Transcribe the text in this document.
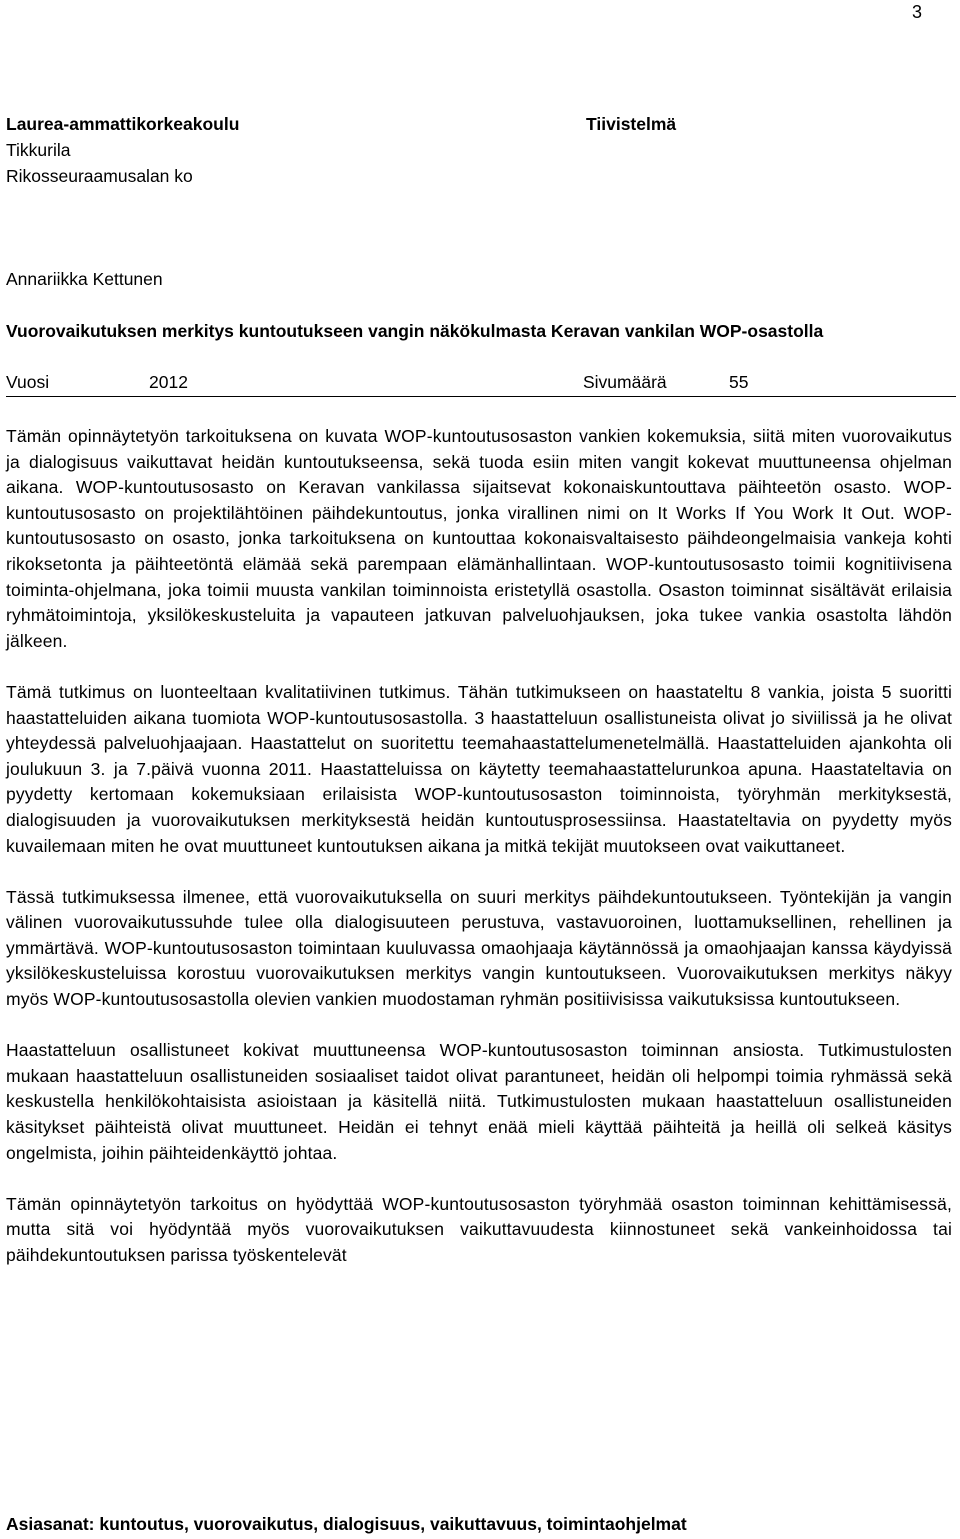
3
Laurea-ammattikorkeakoulu
Tikkurila
Rikosseuraamusalan ko
Tiivistelmä
Annariikka Kettunen
Vuorovaikutuksen merkitys kuntoutukseen vangin näkökulmasta Keravan vankilan WOP-osastolla
Vuosi	2012	Sivumäärä	55

Tämän opinnäytetyön tarkoituksena on kuvata WOP-kuntoutusosaston vankien kokemuksia, siitä miten vuorovaikutus ja dialogisuus vaikuttavat heidän kuntoutukseensa, sekä tuoda esiin miten vangit kokevat muuttuneensa ohjelman aikana. WOP-kuntoutusosasto on Keravan vankilassa sijaitsevat kokonaiskuntouttava päihteetön osasto. WOP-kuntoutusosasto on projektilähtöinen päihdekuntoutus, jonka virallinen nimi on It Works If You Work It Out. WOP-kuntoutusosasto on osasto, jonka tarkoituksena on kuntouttaa kokonaisvaltaisesto päihdeongelmaisia vankeja kohti rikoksetonta ja päihteetöntä elämää sekä parempaan elämänhallintaan. WOP-kuntoutusosasto toimii kognitiivisena toiminta-ohjelmana, joka toimii muusta vankilan toiminnoista eristetyllä osastolla. Osaston toiminnat sisältävät erilaisia ryhmätoimintoja, yksilökeskusteluita ja vapauteen jatkuvan palveluohjauksen, joka tukee vankia osastolta lähdön jälkeen.

Tämä tutkimus on luonteeltaan kvalitatiivinen tutkimus. Tähän tutkimukseen on haastateltu 8 vankia, joista 5 suoritti haastatteluiden aikana tuomiota WOP-kuntoutusosastolla. 3 haastatteluun osallistuneista olivat jo siviilissä ja he olivat yhteydessä palveluohjaajaan. Haastattelut on suoritettu teemahaastattelumenetelmällä. Haastatteluiden ajankohta oli joulukuun 3. ja 7.päivä vuonna 2011. Haastatteluissa on käytetty teemahaastattelurunkoa apuna. Haastateltavia on pyydetty kertomaan kokemuksiaan erilaisista WOP-kuntoutusosaston toiminnoista, työryhmän merkityksestä, dialogisuuden ja vuorovaikutuksen merkityksestä heidän kuntoutusprosessiinsa. Haastateltavia on pyydetty myös kuvailemaan miten he ovat muuttuneet kuntoutuksen aikana ja mitkä tekijät muutokseen ovat vaikuttaneet.

Tässä tutkimuksessa ilmenee, että vuorovaikutuksella on suuri merkitys päihdekuntoutukseen. Työntekijän ja vangin välinen vuorovaikutussuhde tulee olla dialogisuuteen perustuva, vastavuoroinen, luottamuksellinen, rehellinen ja ymmärtävä. WOP-kuntoutusosaston toimintaan kuuluvassa omaohjaaja käytännössä ja omaohjaajan kanssa käydyissä yksilökeskusteluissa korostuu vuorovaikutuksen merkitys vangin kuntoutukseen. Vuorovaikutuksen merkitys näkyy myös WOP-kuntoutusosastolla olevien vankien muodostaman ryhmän positiivisissa vaikutuksissa kuntoutukseen.

Haastatteluun osallistuneet kokivat muuttuneensa WOP-kuntoutusosaston toiminnan ansiosta. Tutkimustulosten mukaan haastatteluun osallistuneiden sosiaaliset taidot olivat parantuneet, heidän oli helpompi toimia ryhmässä sekä keskustella henkilökohtaisista asioistaan ja käsitellä niitä. Tutkimustulosten mukaan haastatteluun osallistuneiden käsitykset päihteistä olivat muuttuneet. Heidän ei tehnyt enää mieli käyttää päihteitä ja heillä oli selkeä käsitys ongelmista, joihin päihteidenkäyttö johtaa.

Tämän opinnäytetyön tarkoitus on hyödyttää WOP-kuntoutusosaston työryhmää osaston toiminnan kehittämisessä, mutta sitä voi hyödyntää myös vuorovaikutuksen vaikuttavuudesta kiinnostuneet sekä vankeinhoidossa tai päihdekuntoutuksen parissa työskentelevät

Asiasanat: kuntoutus, vuorovaikutus, dialogisuus, vaikuttavuus, toimintaohjelmat
